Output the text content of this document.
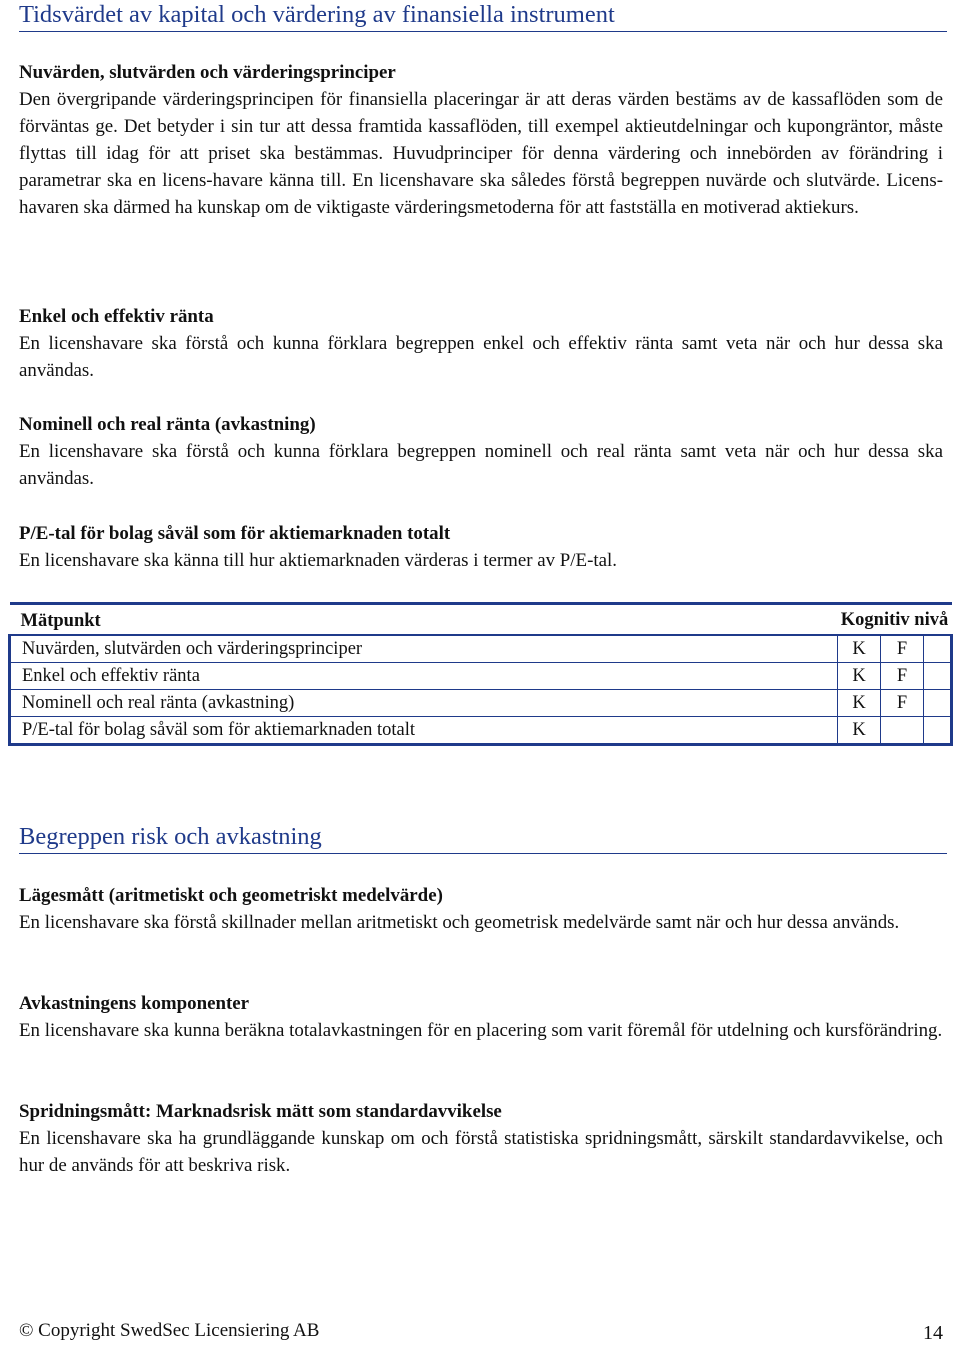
Tidsvärdet av kapital och värdering av finansiella instrument
Nuvärden, slutvärden och värderingsprinciper

Den övergripande värderingsprincipen för finansiella placeringar är att deras värden bestäms av de kassaflöden som de förväntas ge. Det betyder i sin tur att dessa framtida kassaflöden, till exempel aktieutdelningar och kupongräntor, måste flyttas till idag för att priset ska bestämmas. Huvudprinciper för denna värdering och innebörden av förändring i parametrar ska en licens-havare känna till. En licenshavare ska således förstå begreppen nuvärde och slutvärde. Licens-havaren ska därmed ha kunskap om de viktigaste värderingsmetoderna för att fastställa en motiverad aktiekurs.

Enkel och effektiv ränta

En licenshavare ska förstå och kunna förklara begreppen enkel och effektiv ränta samt veta när och hur dessa ska användas.

Nominell och real ränta (avkastning)

En licenshavare ska förstå och kunna förklara begreppen nominell och real ränta samt veta när och hur dessa ska användas.

P/E-tal för bolag såväl som för aktiemarknaden totalt

En licenshavare ska känna till hur aktiemarknaden värderas i termer av P/E-tal.

Mätpunkt	Kognitiv nivå		
Nuvärden, slutvärden och värderingsprinciper	K	F	
Enkel och effektiv ränta	K	F	
Nominell och real ränta (avkastning)	K	F	
P/E-tal för bolag såväl som för aktiemarknaden totalt	K		
Begreppen risk och avkastning
Lägesmått (aritmetiskt och geometriskt medelvärde)

En licenshavare ska förstå skillnader mellan aritmetiskt och geometrisk medelvärde samt när och hur dessa används.

Avkastningens komponenter

En licenshavare ska kunna beräkna totalavkastningen för en placering som varit föremål för utdelning och kursförändring.

Spridningsmått: Marknadsrisk mätt som standardavvikelse

En licenshavare ska ha grundläggande kunskap om och förstå statistiska spridningsmått, särskilt standardavvikelse, och hur de används för att beskriva risk.

© Copyright SwedSec Licensiering AB	14
